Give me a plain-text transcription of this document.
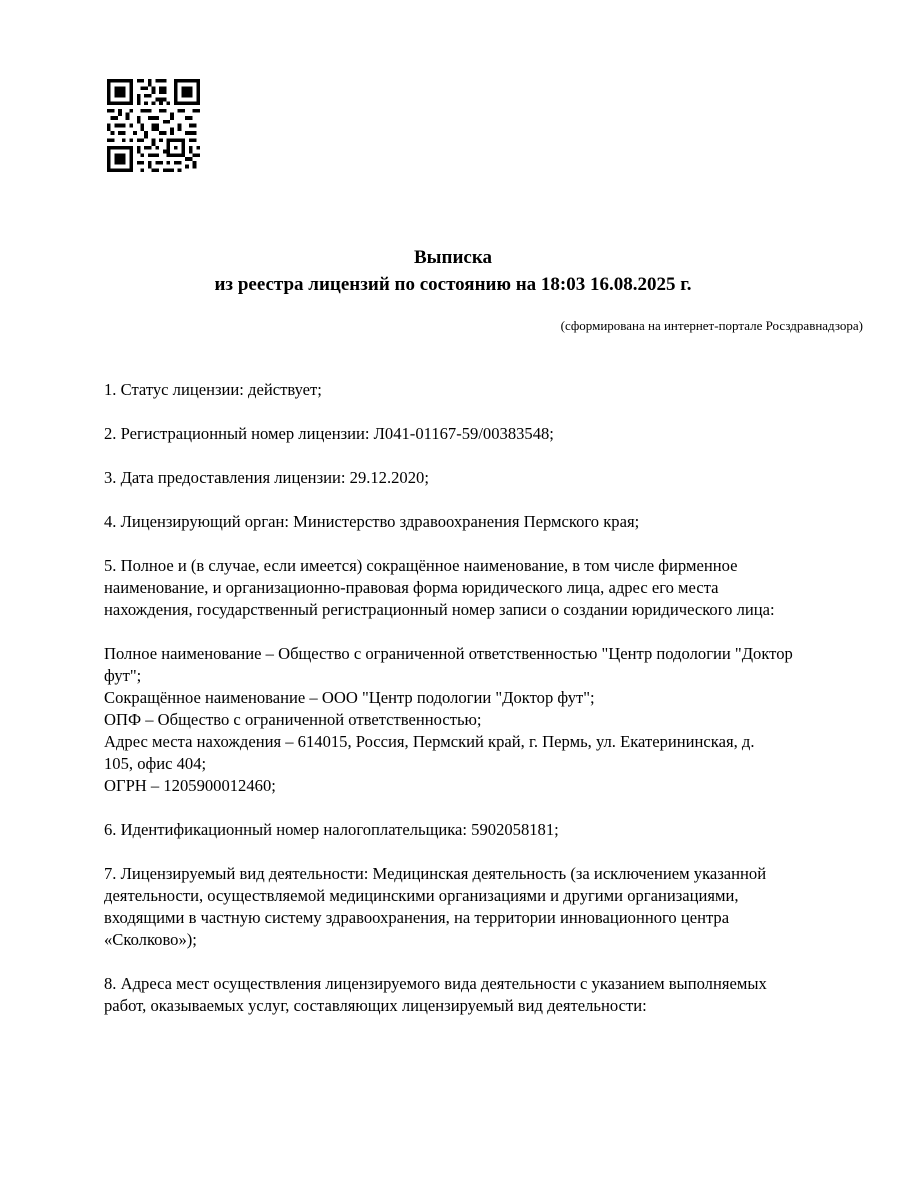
Выписка
из реестра лицензий по состоянию на 18:03 16.08.2025 г.
(сформирована на интернет-портале Росздравнадзора)

1. Статус лицензии: действует;

2. Регистрационный номер лицензии: Л041-01167-59/00383548;

3. Дата предоставления лицензии: 29.12.2020;

4. Лицензирующий орган: Министерство здравоохранения Пермского края;

5. Полное и (в случае, если имеется) сокращённое наименование, в том числе фирменное
наименование, и организационно-правовая форма юридического лица, адрес его места
нахождения, государственный регистрационный номер записи о создании юридического лица:

Полное наименование – Общество с ограниченной ответственностью "Центр подологии "Доктор
фут";
Сокращённое наименование – ООО "Центр подологии "Доктор фут";
ОПФ – Общество с ограниченной ответственностью;
Адрес места нахождения – 614015, Россия, Пермский край, г. Пермь, ул. Екатерининская, д.
105, офис 404;
ОГРН – 1205900012460;

6. Идентификационный номер налогоплательщика: 5902058181;

7. Лицензируемый вид деятельности: Медицинская деятельность (за исключением указанной
деятельности, осуществляемой медицинскими организациями и другими организациями,
входящими в частную систему здравоохранения, на территории инновационного центра
«Сколково»);

8. Адреса мест осуществления лицензируемого вида деятельности с указанием выполняемых
работ, оказываемых услуг, составляющих лицензируемый вид деятельности:
